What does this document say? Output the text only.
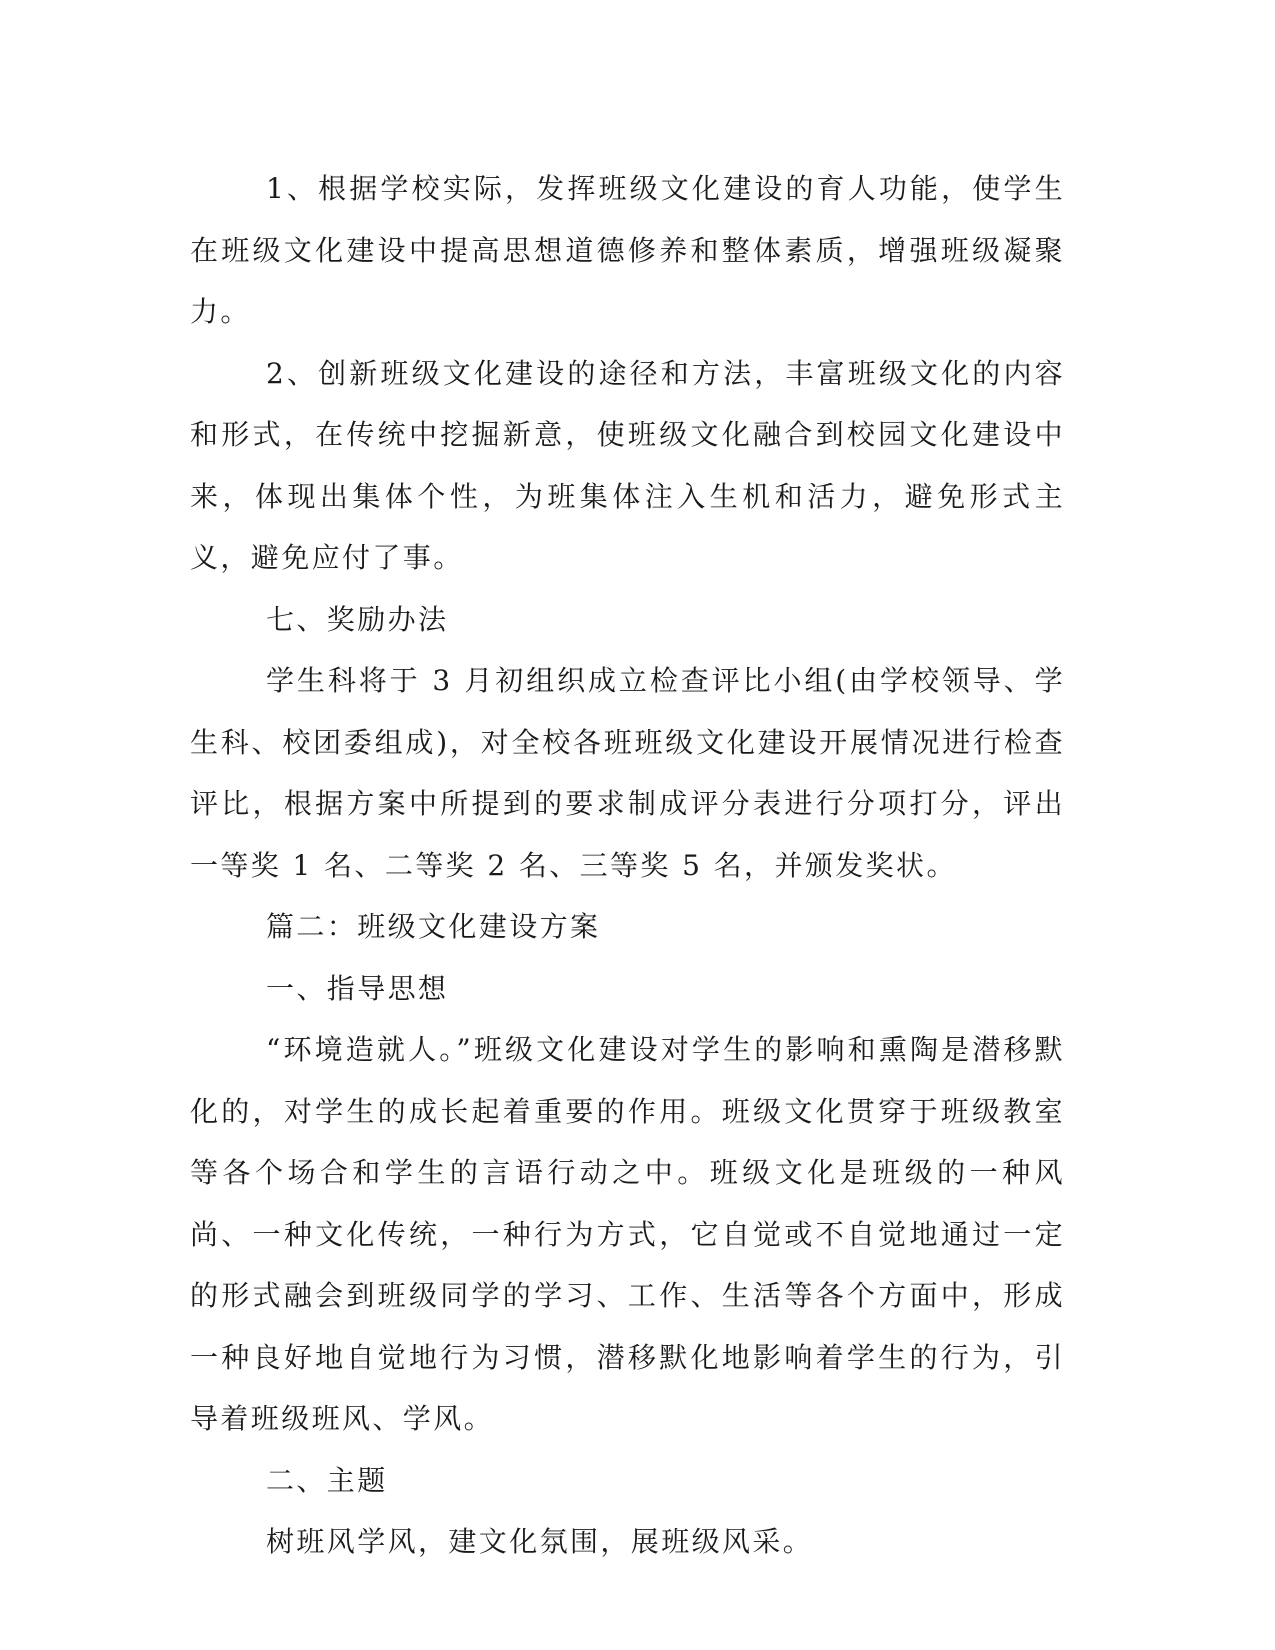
1、根据学校实际，发挥班级文化建设的育人功能，使学生在班级文化建设中提高思想道德修养和整体素质，增强班级凝聚力。

2、创新班级文化建设的途径和方法，丰富班级文化的内容和形式，在传统中挖掘新意，使班级文化融合到校园文化建设中来，体现出集体个性，为班集体注入生机和活力，避免形式主义，避免应付了事。

七、奖励办法

学生科将于 3 月初组织成立检查评比小组(由学校领导、学生科、校团委组成)，对全校各班班级文化建设开展情况进行检查评比，根据方案中所提到的要求制成评分表进行分项打分，评出一等奖 1 名、二等奖 2 名、三等奖 5 名，并颁发奖状。

篇二：班级文化建设方案

一、指导思想

“环境造就人。”班级文化建设对学生的影响和熏陶是潜移默化的，对学生的成长起着重要的作用。班级文化贯穿于班级教室等各个场合和学生的言语行动之中。班级文化是班级的一种风尚、一种文化传统，一种行为方式，它自觉或不自觉地通过一定的形式融会到班级同学的学习、工作、生活等各个方面中，形成一种良好地自觉地行为习惯，潜移默化地影响着学生的行为，引导着班级班风、学风。

二、主题

树班风学风，建文化氛围，展班级风采。
